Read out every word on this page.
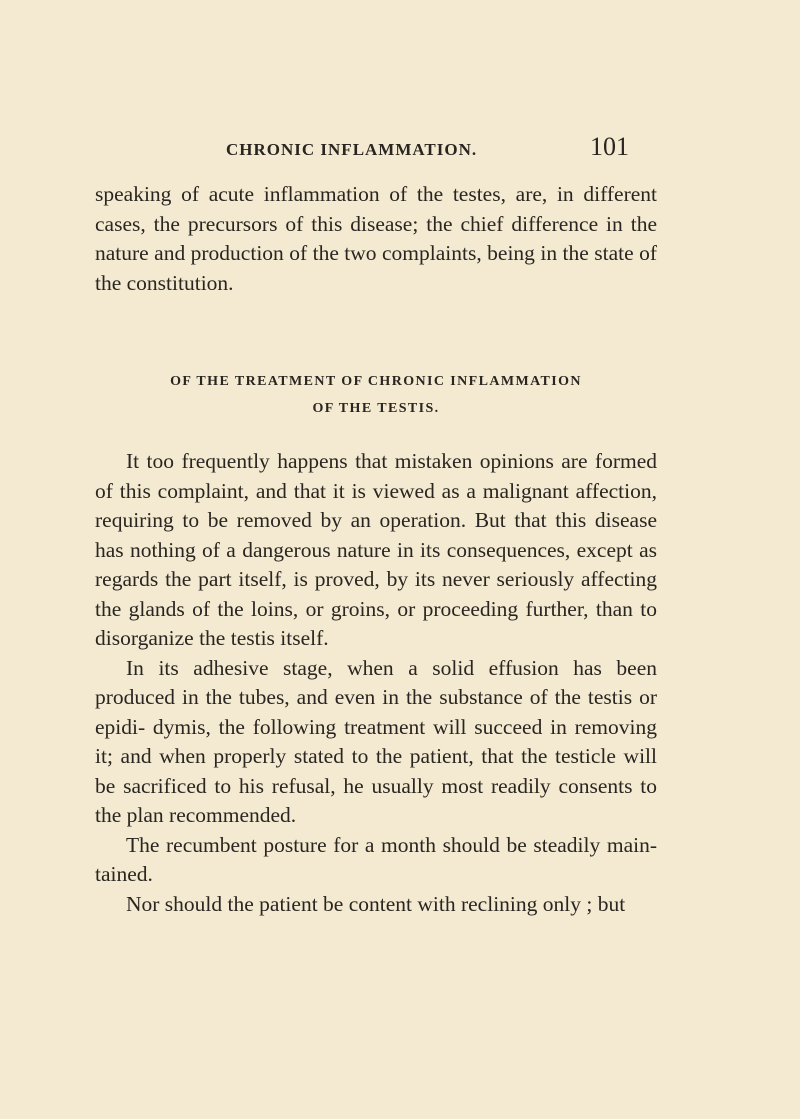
CHRONIC INFLAMMATION.	101

speaking of acute inflammation of the testes, are, in different cases, the precursors of this disease; the chief difference in the nature and production of the two complaints, being in the state of the constitution.

OF THE TREATMENT OF CHRONIC INFLAMMATION
OF THE TESTIS.

It too frequently happens that mistaken opinions are formed of this complaint, and that it is viewed as a malignant affection, requiring to be removed by an operation. But that this disease has nothing of a dangerous nature in its consequences, except as regards the part itself, is proved, by its never seriously affecting the glands of the loins, or groins, or proceeding further, than to disorganize the testis itself.

In its adhesive stage, when a solid effusion has been produced in the tubes, and even in the substance of the testis or epidi- dymis, the following treatment will succeed in removing it; and when properly stated to the patient, that the testicle will be sacrificed to his refusal, he usually most readily consents to the plan recommended.

The recumbent posture for a month should be steadily main- tained.

Nor should the patient be content with reclining only ; but
